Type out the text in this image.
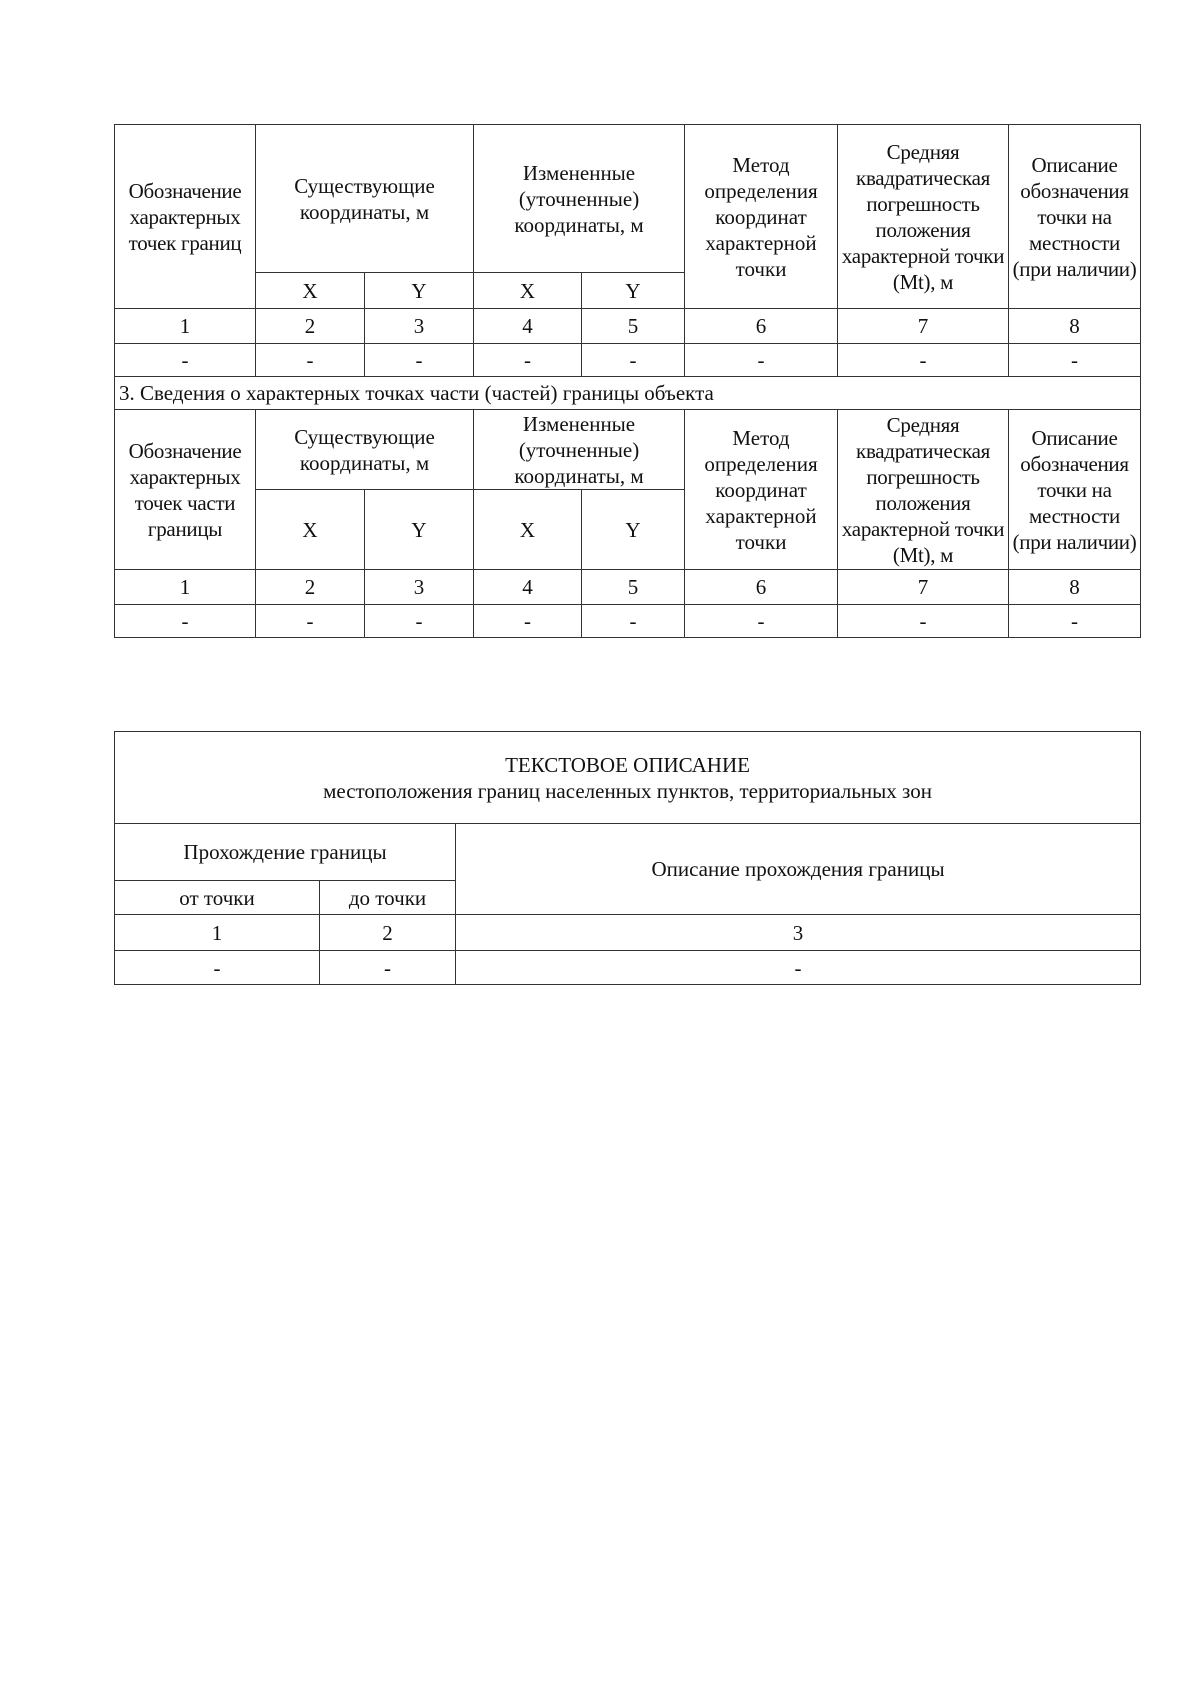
Обозначение характерных точек границ	Существующие координаты, м		Измененные (уточненные) координаты, м		Метод определения координат характерной точки	Средняя квадратическая погрешность положения характерной точки (Mt), м	Описание обозначения точки на местности (при наличии)
	X	Y	X	Y			
1	2	3	4	5	6	7	8
-	-	-	-	-	-	-	-
3. Сведения о характерных точках части (частей) границы объекта							
Обозначение характерных точек части границы	Существующие координаты, м		Измененные (уточненные) координаты, м		Метод определения координат характерной точки	Средняя квадратическая погрешность положения характерной точки (Mt), м	Описание обозначения точки на местности (при наличии)
	X	Y	X	Y			
1	2	3	4	5	6	7	8
-	-	-	-	-	-	-	-
ТЕКСТОВОЕ ОПИСАНИЕ
местоположения границ населенных пунктов, территориальных зон		

Прохождение границы		Описание прохождения границы
от точки	до точки	
1	2	3
-	-	-
